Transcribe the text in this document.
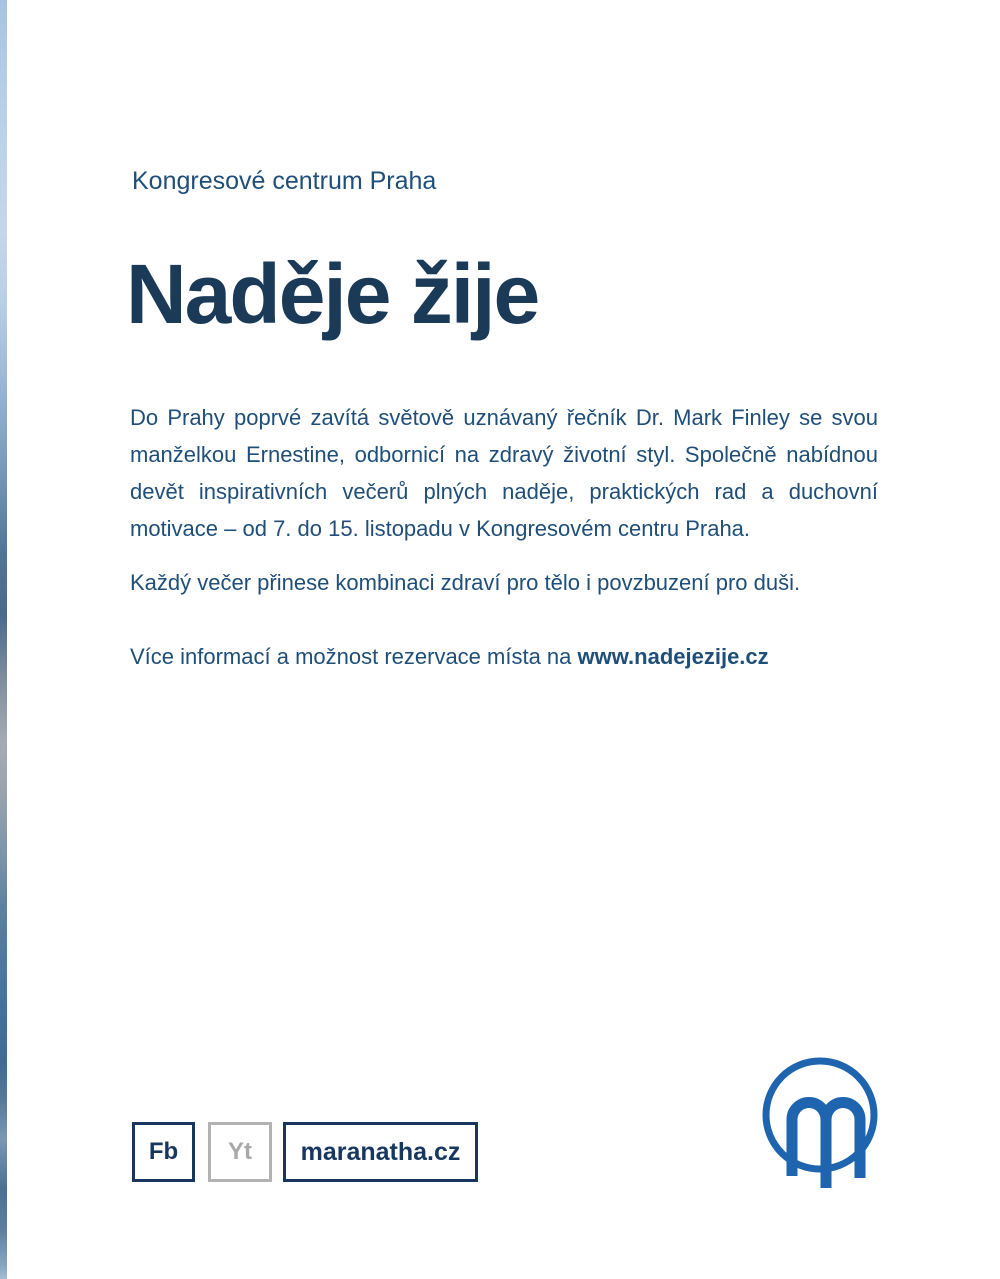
Kongresové centrum Praha
Naděje žije

Do Prahy poprvé zavítá světově uznávaný řečník Dr. Mark Finley se svou manželkou Ernestine, odbornicí na zdravý životní styl. Společně nabídnou devět inspirativních večerů plných naděje, praktických rad a duchovní motivace – od 7. do 15. listopadu v Kongresovém centru Praha.

Každý večer přinese kombinaci zdraví pro tělo i povzbuzení pro duši.

Více informací a možnost rezervace místa na www.nadejezije.cz

Fb	Yt	maranatha.cz
